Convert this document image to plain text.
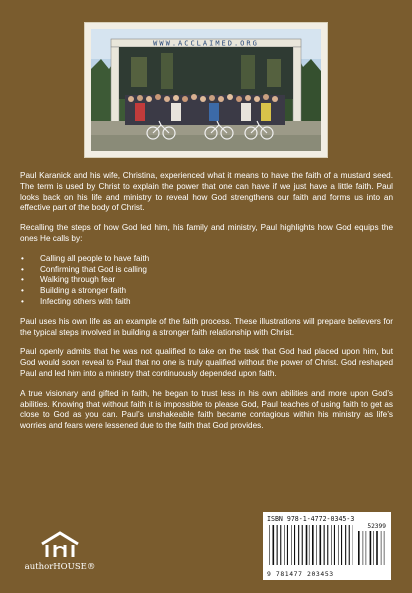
WWW.ACCLAIMED.ORG

Paul Karanick and his wife, Christina, experienced what it means to have the faith of a mustard seed. The term is used by Christ to explain the power that one can have if we just have a little faith. Paul looks back on his life and ministry to reveal how God strengthens our faith and forms us into an effective part of the body of Christ.

Recalling the steps of how God led him, his family and ministry, Paul highlights how God equips the ones He calls by:

• Calling all people to have faith
• Confirming that God is calling
• Walking through fear
• Building a stronger faith
• Infecting others with faith

Paul uses his own life as an example of the faith process. These illustrations will prepare believers for the typical steps involved in building a stronger faith relationship with Christ.

Paul openly admits that he was not qualified to take on the task that God had placed upon him, but God would soon reveal to Paul that no one is truly qualified without the power of Christ. God reshaped Paul and led him into a ministry that continuously depended upon faith.

A true visionary and gifted in faith, he began to trust less in his own abilities and more upon God’s abilities. Knowing that without faith it is impossible to please God, Paul teaches of using faith to get as close to God as you can. Paul’s unshakeable faith became contagious within his ministry as life’s worries and fears were lessened due to the faith that God provides.

authorHOUSE®
ISBN 978-1-4772-0345-3
52399
9 781477 203453
